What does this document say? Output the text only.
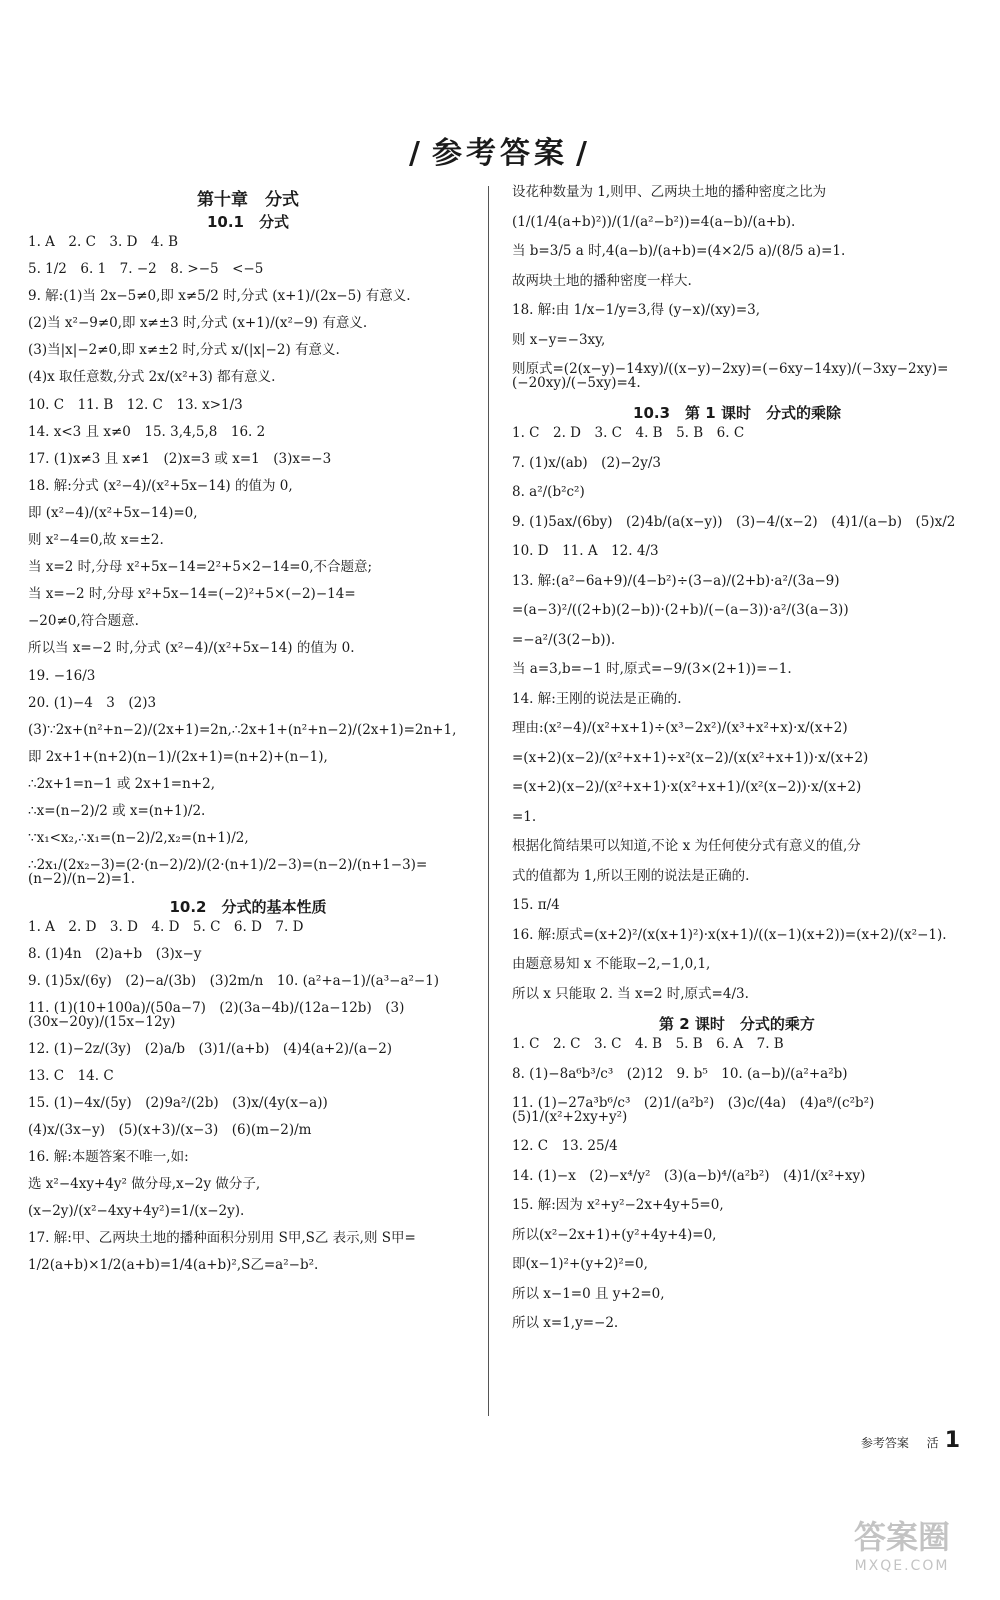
/ 参考答案 /
第十章　分式
10.1　分式
1. A　2. C　3. D　4. B
5. 1/2　6. 1　7. −2　8. >−5　<−5
9. 解:(1)当 2x−5≠0,即 x≠5/2 时,分式 (x+1)/(2x−5) 有意义.
(2)当 x²−9≠0,即 x≠±3 时,分式 (x+1)/(x²−9) 有意义.
(3)当|x|−2≠0,即 x≠±2 时,分式 x/(|x|−2) 有意义.
(4)x 取任意数,分式 2x/(x²+3) 都有意义.
10. C　11. B　12. C　13. x>1/3
14. x<3 且 x≠0　15. 3,4,5,8　16. 2
17. (1)x≠3 且 x≠1　(2)x=3 或 x=1　(3)x=−3
18. 解:分式 (x²−4)/(x²+5x−14) 的值为 0,
即 (x²−4)/(x²+5x−14)=0,
则 x²−4=0,故 x=±2.
当 x=2 时,分母 x²+5x−14=2²+5×2−14=0,不合题意;
当 x=−2 时,分母 x²+5x−14=(−2)²+5×(−2)−14=
−20≠0,符合题意.
所以当 x=−2 时,分式 (x²−4)/(x²+5x−14) 的值为 0.
19. −16/3
20. (1)−4　3　(2)3
(3)∵2x+(n²+n−2)/(2x+1)=2n,∴2x+1+(n²+n−2)/(2x+1)=2n+1,
即 2x+1+(n+2)(n−1)/(2x+1)=(n+2)+(n−1),
∴2x+1=n−1 或 2x+1=n+2,
∴x=(n−2)/2 或 x=(n+1)/2.
∵x₁<x₂,∴x₁=(n−2)/2,x₂=(n+1)/2,
∴2x₁/(2x₂−3)=(2·(n−2)/2)/(2·(n+1)/2−3)=(n−2)/(n+1−3)=(n−2)/(n−2)=1.
10.2　分式的基本性质
1. A　2. D　3. D　4. D　5. C　6. D　7. D
8. (1)4n　(2)a+b　(3)x−y
9. (1)5x/(6y)　(2)−a/(3b)　(3)2m/n　10. (a²+a−1)/(a³−a²−1)
11. (1)(10+100a)/(50a−7)　(2)(3a−4b)/(12a−12b)　(3)(30x−20y)/(15x−12y)
12. (1)−2z/(3y)　(2)a/b　(3)1/(a+b)　(4)4(a+2)/(a−2)
13. C　14. C
15. (1)−4x/(5y)　(2)9a²/(2b)　(3)x/(4y(x−a))
(4)x/(3x−y)　(5)(x+3)/(x−3)　(6)(m−2)/m
16. 解:本题答案不唯一,如:
选 x²−4xy+4y² 做分母,x−2y 做分子,
(x−2y)/(x²−4xy+4y²)=1/(x−2y).
17. 解:甲、乙两块土地的播种面积分别用 S甲,S乙 表示,则 S甲=
1/2(a+b)×1/2(a+b)=1/4(a+b)²,S乙=a²−b².
设花种数量为 1,则甲、乙两块土地的播种密度之比为
(1/(1/4(a+b)²))/(1/(a²−b²))=4(a−b)/(a+b).
当 b=3/5 a 时,4(a−b)/(a+b)=(4×2/5 a)/(8/5 a)=1.
故两块土地的播种密度一样大.
18. 解:由 1/x−1/y=3,得 (y−x)/(xy)=3,
则 x−y=−3xy,
则原式=(2(x−y)−14xy)/((x−y)−2xy)=(−6xy−14xy)/(−3xy−2xy)=(−20xy)/(−5xy)=4.
10.3　第 1 课时　分式的乘除
1. C　2. D　3. C　4. B　5. B　6. C
7. (1)x/(ab)　(2)−2y/3
8. a²/(b²c²)
9. (1)5ax/(6by)　(2)4b/(a(x−y))　(3)−4/(x−2)　(4)1/(a−b)　(5)x/2
10. D　11. A　12. 4/3
13. 解:(a²−6a+9)/(4−b²)÷(3−a)/(2+b)·a²/(3a−9)
=(a−3)²/((2+b)(2−b))·(2+b)/(−(a−3))·a²/(3(a−3))
=−a²/(3(2−b)).
当 a=3,b=−1 时,原式=−9/(3×(2+1))=−1.
14. 解:王刚的说法是正确的.
理由:(x²−4)/(x²+x+1)÷(x³−2x²)/(x³+x²+x)·x/(x+2)
=(x+2)(x−2)/(x²+x+1)÷x²(x−2)/(x(x²+x+1))·x/(x+2)
=(x+2)(x−2)/(x²+x+1)·x(x²+x+1)/(x²(x−2))·x/(x+2)
=1.
根据化简结果可以知道,不论 x 为任何使分式有意义的值,分
式的值都为 1,所以王刚的说法是正确的.
15. π/4
16. 解:原式=(x+2)²/(x(x+1)²)·x(x+1)/((x−1)(x+2))=(x+2)/(x²−1).
由题意易知 x 不能取−2,−1,0,1,
所以 x 只能取 2. 当 x=2 时,原式=4/3.
第 2 课时　分式的乘方
1. C　2. C　3. C　4. B　5. B　6. A　7. B
8. (1)−8a⁶b³/c³　(2)12　9. b⁵　10. (a−b)/(a²+a²b)
11. (1)−27a³b⁶/c³　(2)1/(a²b²)　(3)c/(4a)　(4)a⁸/(c²b²)　(5)1/(x²+2xy+y²)
12. C　13. 25/4
14. (1)−x　(2)−x⁴/y²　(3)(a−b)⁴/(a²b²)　(4)1/(x²+xy)
15. 解:因为 x²+y²−2x+4y+5=0,
所以(x²−2x+1)+(y²+4y+4)=0,
即(x−1)²+(y+2)²=0,
所以 x−1=0 且 y+2=0,
所以 x=1,y=−2.
参考答案 活 1
答案圈
MXQE.COM
